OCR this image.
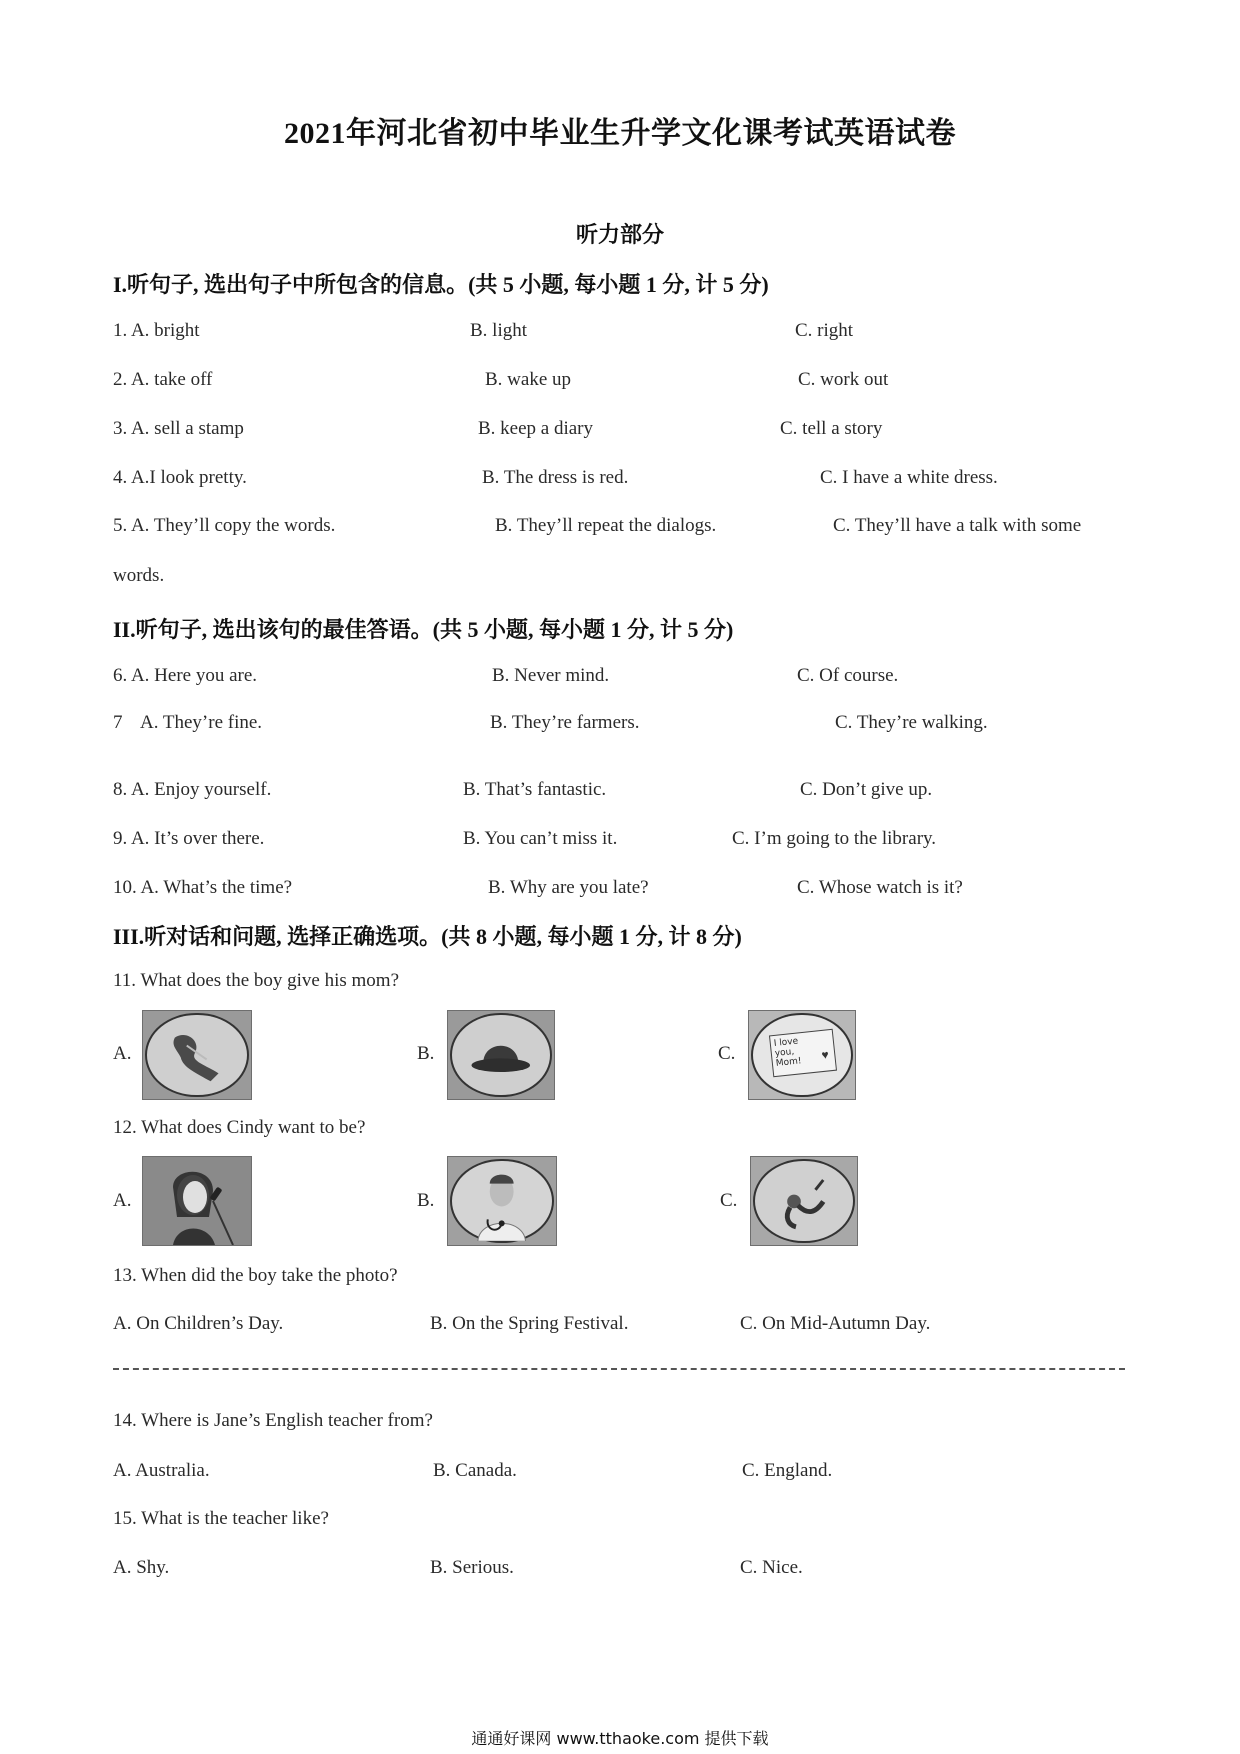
2021年河北省初中毕业生升学文化课考试英语试卷
听力部分
I.听句子, 选出句子中所包含的信息。(共 5 小题, 每小题 1 分, 计 5 分)
1. A. bright	B. light	C. right
2. A. take off	B. wake up	C. work out
3. A. sell a stamp	B. keep a diary	C. tell a story
4. A.I look pretty.	B. The dress is red.	C. I have a white dress.
5. A. They’ll copy the words.	B. They’ll repeat the dialogs.	C. They’ll have a talk with some
words.
II.听句子, 选出该句的最佳答语。(共 5 小题, 每小题 1 分, 计 5 分)
6. A. Here you are.	B. Never mind.	C. Of course.
7 A. They’re fine.	B. They’re farmers.	C. They’re walking.
8. A. Enjoy yourself.	B. That’s fantastic.	C. Don’t give up.
9. A. It’s over there.	B. You can’t miss it.	C. I’m going to the library.
10. A. What’s the time?	B. Why are you late?	C. Whose watch is it?
III.听对话和问题, 选择正确选项。(共 8 小题, 每小题 1 分, 计 8 分)
11. What does the boy give his mom?
A.	B.	C.	I love you, Mom!
♥
12. What does Cindy want to be?
A.	B.	C.
13. When did the boy take the photo?
A. On Children’s Day.	B. On the Spring Festival.	C. On Mid-Autumn Day.
14. Where is Jane’s English teacher from?
A. Australia.	B. Canada.	C. England.
15. What is the teacher like?
A. Shy.	B. Serious.	C. Nice.
通通好课网 www.tthaoke.com 提供下载
